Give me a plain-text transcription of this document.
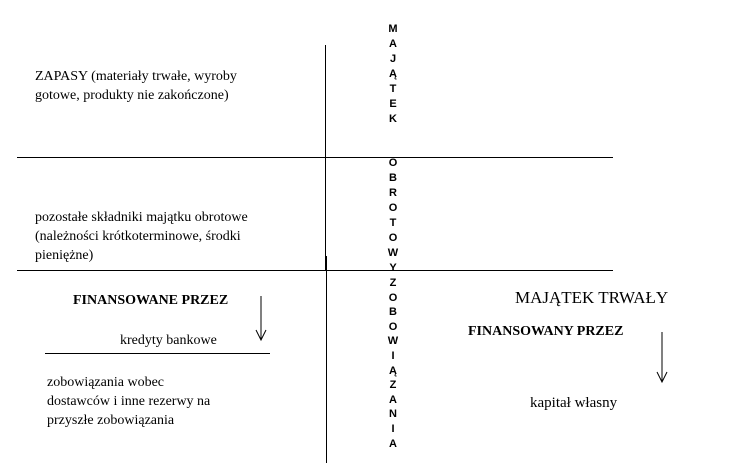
M
A
J
Ą
T
E
K
O
B
R
O
T
O
W
Y
Z
O
B
O
W
I
Ą
Z
A
N
I
A
ZAPASY (materiały trwałe, wyroby
gotowe, produkty nie zakończone)
pozostałe składniki majątku obrotowe
(należności krótkoterminowe, środki
pieniężne)
FINANSOWANE PRZEZ
kredyty bankowe
zobowiązania wobec
dostawców i inne rezerwy na
przyszłe zobowiązania
MAJĄTEK TRWAŁY
FINANSOWANY PRZEZ
kapitał własny
